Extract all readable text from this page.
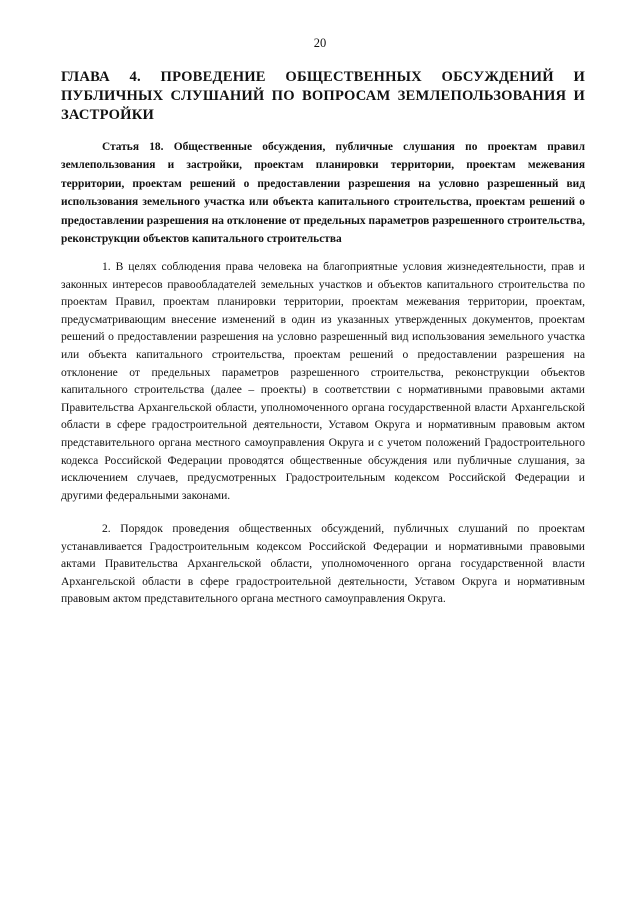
20
ГЛАВА 4. ПРОВЕДЕНИЕ ОБЩЕСТВЕННЫХ ОБСУЖДЕНИЙ И ПУБЛИЧНЫХ СЛУШАНИЙ ПО ВОПРОСАМ ЗЕМЛЕПОЛЬЗОВАНИЯ И ЗАСТРОЙКИ
Статья 18. Общественные обсуждения, публичные слушания по проектам правил землепользования и застройки, проектам планировки территории, проектам межевания территории, проектам решений о предоставлении разрешения на условно разрешенный вид использования земельного участка или объекта капитального строительства, проектам решений о предоставлении разрешения на отклонение от предельных параметров разрешенного строительства, реконструкции объектов капитального строительства

1. В целях соблюдения права человека на благоприятные условия жизнедеятельности, прав и законных интересов правообладателей земельных участков и объектов капитального строительства по проектам Правил, проектам планировки территории, проектам межевания территории, проектам, предусматривающим внесение изменений в один из указанных утвержденных документов, проектам решений о предоставлении разрешения на условно разрешенный вид использования земельного участка или объекта капитального строительства, проектам решений о предоставлении разрешения на отклонение от предельных параметров разрешенного строительства, реконструкции объектов капитального строительства (далее – проекты) в соответствии с нормативными правовыми актами Правительства Архангельской области, уполномоченного органа государственной власти Архангельской области в сфере градостроительной деятельности, Уставом Округа и нормативным правовым актом представительного органа местного самоуправления Округа и с учетом положений Градостроительного кодекса Российской Федерации проводятся общественные обсуждения или публичные слушания, за исключением случаев, предусмотренных Градостроительным кодексом Российской Федерации и другими федеральными законами.

2. Порядок проведения общественных обсуждений, публичных слушаний по проектам устанавливается Градостроительным кодексом Российской Федерации и нормативными правовыми актами Правительства Архангельской области, уполномоченного органа государственной власти Архангельской области в сфере градостроительной деятельности, Уставом Округа и нормативным правовым актом представительного органа местного самоуправления Округа.
